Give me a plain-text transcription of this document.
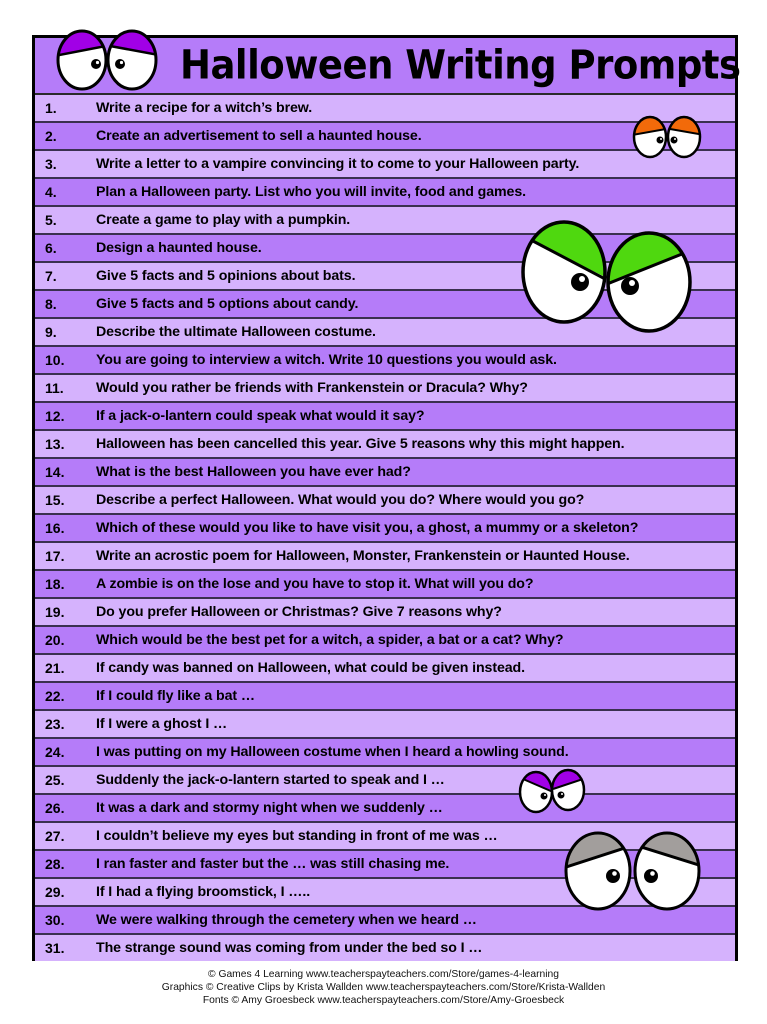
Halloween Writing Prompts
1.	Write a recipe for a witch’s brew.
2.	Create an advertisement to sell a haunted house.
3.	Write a letter to a vampire convincing it to come to your Halloween party.
4.	Plan a Halloween party. List who you will invite, food and games.
5.	Create a game to play with a pumpkin.
6.	Design a haunted house.
7.	Give 5 facts and 5 opinions about bats.
8.	Give 5 facts and 5 options about candy.
9.	Describe the ultimate Halloween costume.
10.	You are going to interview a witch. Write 10 questions you would ask.
11.	Would you rather be friends with Frankenstein or Dracula? Why?
12.	If a jack-o-lantern could speak what would it say?
13.	Halloween has been cancelled this year. Give 5 reasons why this might happen.
14.	What is the best Halloween you have ever had?
15.	Describe a perfect Halloween. What would you do? Where would you go?
16.	Which of these would you like to have visit you, a ghost, a mummy or a skeleton?
17.	Write an acrostic poem for Halloween, Monster, Frankenstein or Haunted House.
18.	A zombie is on the lose and you have to stop it. What will you do?
19.	Do you prefer Halloween or Christmas? Give 7 reasons why?
20.	Which would be the best pet for a witch, a spider, a bat or a cat? Why?
21.	If candy was banned on Halloween, what could be given instead.
22.	If I could fly like a bat …
23.	If I were a ghost I …
24.	I was putting on my Halloween costume when I heard a howling sound.
25.	Suddenly the jack-o-lantern started to speak and I …
26.	It was a dark and stormy night when we suddenly …
27.	I couldn’t believe my eyes but standing in front of me was …
28.	I ran faster and faster but the … was still chasing me.
29.	If I had a flying broomstick, I …..
30.	We were walking through the cemetery when we heard …
31.	The strange sound was coming from under the bed so I …
© Games 4 Learning www.teacherspayteachers.com/Store/games-4-learning
Graphics © Creative Clips by Krista Wallden www.teacherspayteachers.com/Store/Krista-Wallden
Fonts © Amy Groesbeck www.teacherspayteachers.com/Store/Amy-Groesbeck
